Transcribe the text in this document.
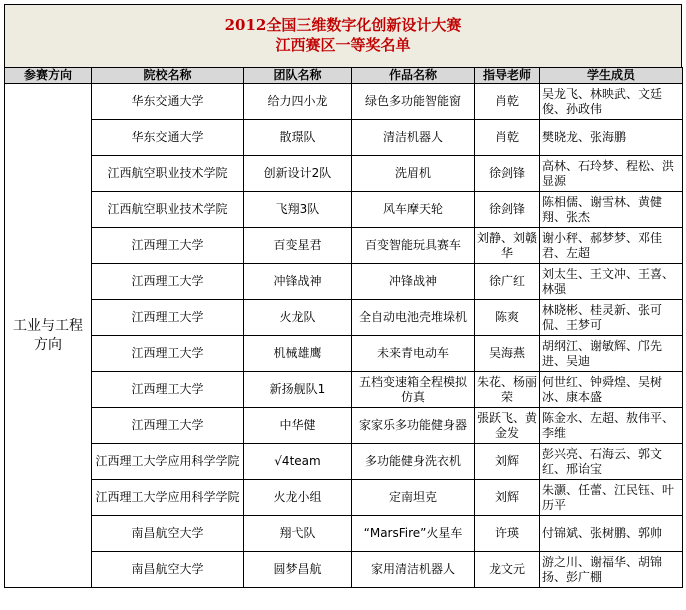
2012全国三维数字化创新设计大赛
江西赛区一等奖名单
参赛方向	院校名称	团队名称	作品名称	指导老师	学生成员
工业与工程方向	华东交通大学	给力四小龙	绿色多功能智能窗	肖乾	吴龙飞、林映武、文廷俊、孙政伟
	华东交通大学	散璟队	清洁机器人	肖乾	樊晓龙、张海鹏
	江西航空职业技术学院	创新设计2队	洗眉机	徐剑锋	高林、石玲梦、程松、洪显源
	江西航空职业技术学院	飞翔3队	风车摩天轮	徐剑锋	陈相儒、谢雪林、黄健翔、张杰
	江西理工大学	百变星君	百变智能玩具赛车	刘静、刘赣华	谢小秤、郝梦梦、邓佳君、左超
	江西理工大学	冲锋战神	冲锋战神	徐广红	刘太生、王文冲、王喜、林强
	江西理工大学	火龙队	全自动电池壳堆垛机	陈爽	林晓彬、桂灵新、张可侃、王梦可
	江西理工大学	机械雄鹰	未来青电动车	吴海燕	胡纲江、谢敏辉、邝先进、吴迪
	江西理工大学	新扬舰队1	五档变速箱全程模拟仿真	朱花、杨丽荣	何世红、钟舜煌、吴树冰、康本盛
	江西理工大学	中华健	家家乐多功能健身器	張跃飞、黄金发	陈金水、左超、敖伟平、李维
	江西理工大学应用科学学院	√4team	多功能健身洗衣机	刘辉	彭兴亮、石海云、郭文红、邢诒宝
	江西理工大学应用科学学院	火龙小组	定南坦克	刘辉	朱灏、任蕾、江民钰、叶历平
	南昌航空大学	翔弋队	“MarsFire”火星车	许瑛	付锦斌、张树鹏、郭帅
	南昌航空大学	圆梦昌航	家用清洁机器人	龙文元	游之川、谢福华、胡锦扬、彭广棚
